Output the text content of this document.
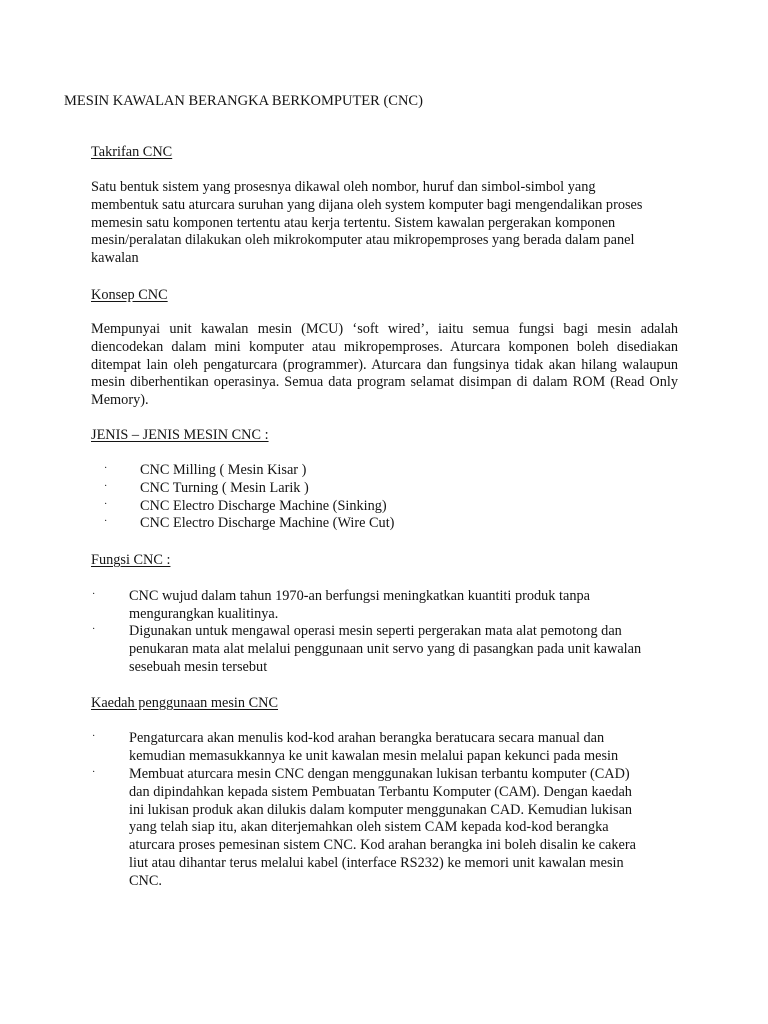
MESIN KAWALAN BERANGKA BERKOMPUTER (CNC)
Takrifan CNC
Satu bentuk sistem yang prosesnya dikawal oleh nombor, huruf dan simbol-simbol yang
membentuk satu aturcara suruhan yang dijana oleh system komputer bagi mengendalikan proses
memesin satu komponen tertentu atau kerja tertentu. Sistem kawalan pergerakan komponen
mesin/peralatan dilakukan oleh mikrokomputer atau mikropemproses yang berada dalam panel
kawalan
Konsep CNC
Mempunyai unit kawalan mesin (MCU) ‘soft wired’, iaitu semua fungsi bagi mesin adalah diencodekan dalam mini komputer atau mikropemproses. Aturcara komponen boleh disediakan ditempat lain oleh pengaturcara (programmer). Aturcara dan fungsinya tidak akan hilang walaupun mesin diberhentikan operasinya. Semua data program selamat disimpan di dalam ROM (Read Only Memory).
JENIS – JENIS MESIN CNC :
· CNC Milling ( Mesin Kisar )
· CNC Turning ( Mesin Larik )
· CNC Electro Discharge Machine (Sinking)
· CNC Electro Discharge Machine (Wire Cut)
Fungsi CNC :
· CNC wujud dalam tahun 1970-an berfungsi meningkatkan kuantiti produk tanpa
mengurangkan kualitinya.
· Digunakan untuk mengawal operasi mesin seperti pergerakan mata alat pemotong dan
penukaran mata alat melalui penggunaan unit servo yang di pasangkan pada unit kawalan
sesebuah mesin tersebut
Kaedah penggunaan mesin CNC
· Pengaturcara akan menulis kod-kod arahan berangka beratucara secara manual dan
kemudian memasukkannya ke unit kawalan mesin melalui papan kekunci pada mesin
· Membuat aturcara mesin CNC dengan menggunakan lukisan terbantu komputer (CAD)
dan dipindahkan kepada sistem Pembuatan Terbantu Komputer (CAM). Dengan kaedah
ini lukisan produk akan dilukis dalam komputer menggunakan CAD. Kemudian lukisan
yang telah siap itu, akan diterjemahkan oleh sistem CAM kepada kod-kod berangka
aturcara proses pemesinan sistem CNC. Kod arahan berangka ini boleh disalin ke cakera
liut atau dihantar terus melalui kabel (interface RS232) ke memori unit kawalan mesin
CNC.
